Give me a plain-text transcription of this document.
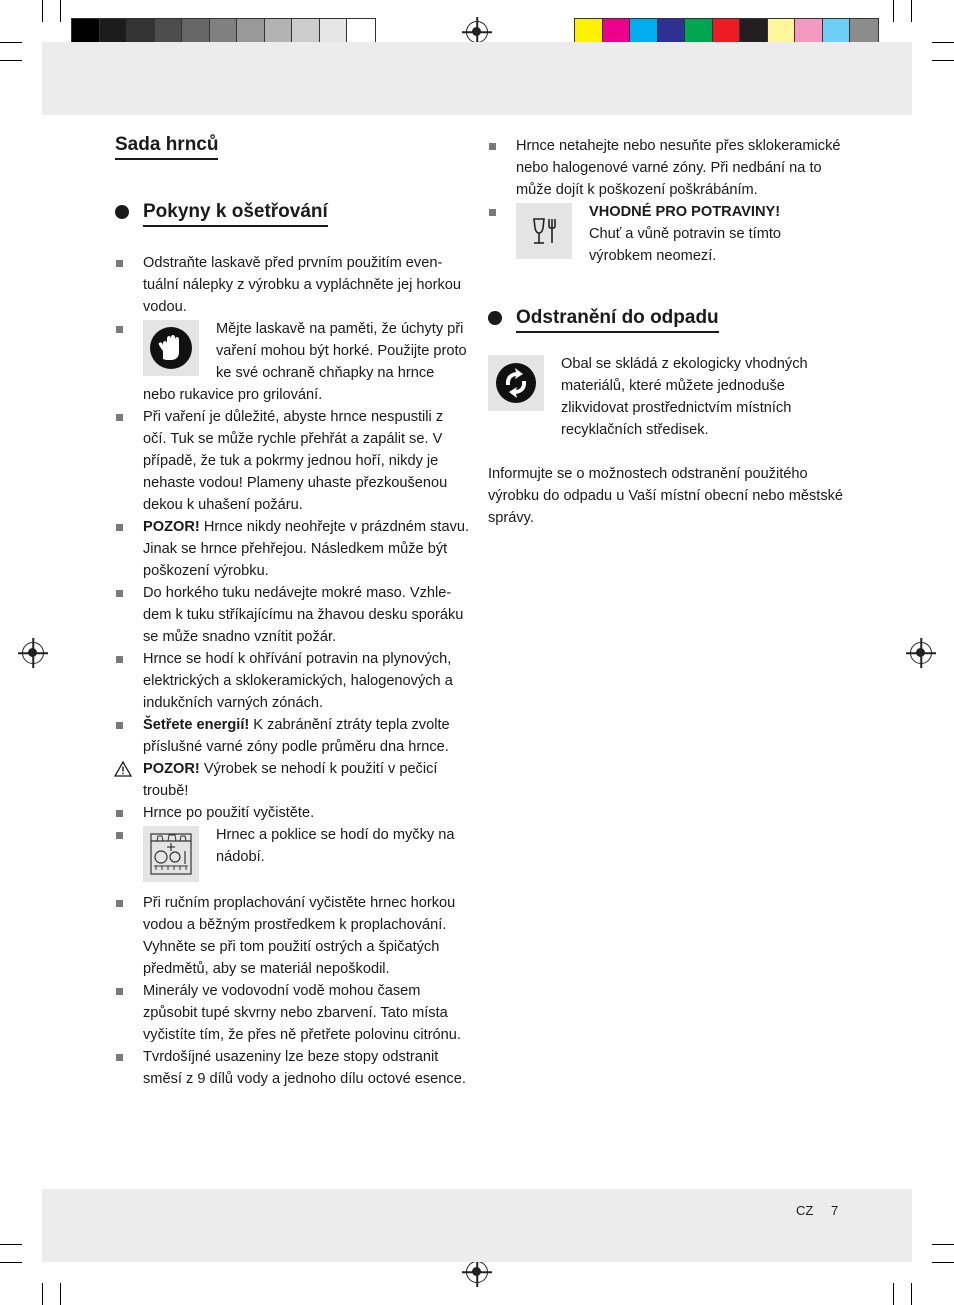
Sada hrnců
Pokyny k ošetřování
Odstraňte laskavě před prvním použitím even-tuální nálepky z výrobku a vypláchněte jej horkou vodou.
Mějte laskavě na paměti, že úchyty při vaření mohou být horké. Použijte proto ke své ochraně chňapky na hrnce nebo rukavice pro grilování.
Při vaření je důležité, abyste hrnce nespustili z očí. Tuk se může rychle přehřát a zapálit se. V případě, že tuk a pokrmy jednou hoří, nikdy je nehaste vodou! Plameny uhaste přezkoušenou dekou k uhašení požáru.
POZOR! Hrnce nikdy neohřejte v prázdném stavu. Jinak se hrnce přehřejou. Následkem může být poškození výrobku.
Do horkého tuku nedávejte mokré maso. Vzhle-dem k tuku stříkajícímu na žhavou desku sporáku se může snadno vznítit požár.
Hrnce se hodí k ohřívání potravin na plynových, elektrických a sklokeramických, halogenových a indukčních varných zónách.
Šetřete energií! K zabránění ztráty tepla zvolte příslušné varné zóny podle průměru dna hrnce.
POZOR! Výrobek se nehodí k použití v pečicí troubě!
Hrnce po použití vyčistěte.
Hrnec a poklice se hodí do myčky na nádobí.
Při ručním proplachování vyčistěte hrnec horkou vodou a běžným prostředkem k proplachování. Vyhněte se při tom použití ostrých a špičatých předmětů, aby se materiál nepoškodil.
Minerály ve vodovodní vodě mohou časem způsobit tupé skvrny nebo zbarvení. Tato místa vyčistíte tím, že přes ně přetřete polovinu citrónu.
Tvrdošíjné usazeniny lze beze stopy odstranit směsí z 9 dílů vody a jednoho dílu octové esence.
Hrnce netahejte nebo nesuňte přes sklokeramické nebo halogenové varné zóny. Při nedbání na to může dojít k poškození poškrábáním.
VHODNÉ PRO POTRAVINY!
Chuť a vůně potravin se tímto výrobkem neomezí.
Odstranění do odpadu

Obal se skládá z ekologicky vhodných materiálů, které můžete jednoduše zlikvidovat prostřednictvím místních recyklačních středisek.

Informujte se o možnostech odstranění použitého výrobku do odpadu u Vaší místní obecní nebo městské správy.

CZ 7
